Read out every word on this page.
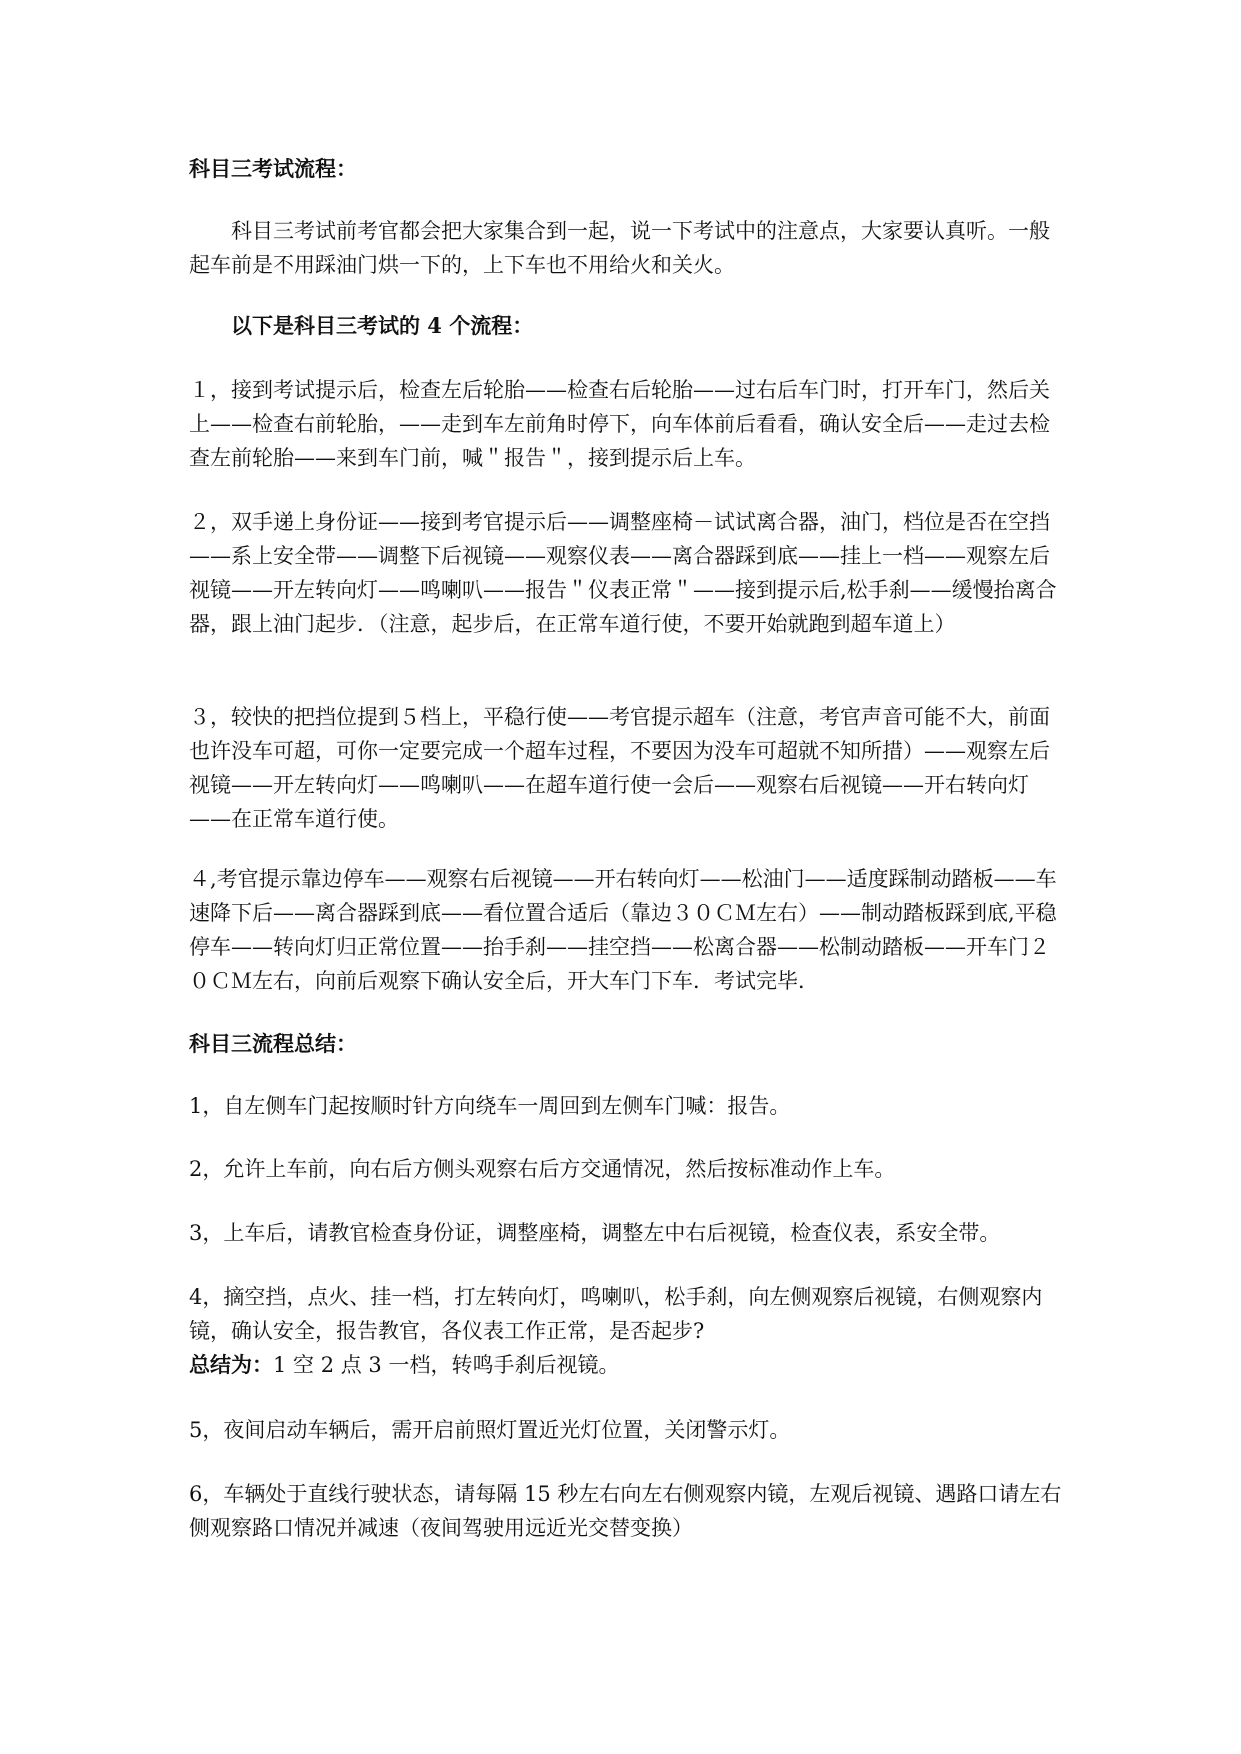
科目三考试流程：

科目三考试前考官都会把大家集合到一起，说一下考试中的注意点，大家要认真听。一般起车前是不用踩油门烘一下的，上下车也不用给火和关火。

以下是科目三考试的 4 个流程：

１，接到考试提示后，检查左后轮胎——检查右后轮胎——过右后车门时，打开车门，然后关上——检查右前轮胎，——走到车左前角时停下，向车体前后看看，确认安全后——走过去检查左前轮胎——来到车门前，喊＂报告＂，接到提示后上车。

２，双手递上身份证——接到考官提示后——调整座椅－试试离合器，油门，档位是否在空挡——系上安全带——调整下后视镜——观察仪表——离合器踩到底——挂上一档——观察左后视镜——开左转向灯——鸣喇叭——报告＂仪表正常＂——接到提示后,松手刹——缓慢抬离合器，跟上油门起步．（注意，起步后，在正常车道行使，不要开始就跑到超车道上）

３，较快的把挡位提到５档上，平稳行使——考官提示超车（注意，考官声音可能不大，前面也许没车可超，可你一定要完成一个超车过程，不要因为没车可超就不知所措）——观察左后视镜——开左转向灯——鸣喇叭——在超车道行使一会后——观察右后视镜——开右转向灯——在正常车道行使。

４,考官提示靠边停车——观察右后视镜——开右转向灯——松油门——适度踩制动踏板——车速降下后——离合器踩到底——看位置合适后（靠边３０ＣＭ左右）——制动踏板踩到底,平稳停车——转向灯归正常位置——抬手刹——挂空挡——松离合器——松制动踏板——开车门２０ＣＭ左右，向前后观察下确认安全后，开大车门下车．考试完毕．

科目三流程总结：

1，自左侧车门起按顺时针方向绕车一周回到左侧车门喊：报告。

2，允许上车前，向右后方侧头观察右后方交通情况，然后按标准动作上车。

3，上车后，请教官检查身份证，调整座椅，调整左中右后视镜，检查仪表，系安全带。

4，摘空挡，点火、挂一档，打左转向灯，鸣喇叭，松手刹，向左侧观察后视镜，右侧观察内镜，确认安全，报告教官，各仪表工作正常，是否起步?

总结为：1 空 2 点 3 一档，转鸣手刹后视镜。

5，夜间启动车辆后，需开启前照灯置近光灯位置，关闭警示灯。

6，车辆处于直线行驶状态，请每隔 15 秒左右向左右侧观察内镜，左观后视镜、遇路口请左右侧观察路口情况并减速（夜间驾驶用远近光交替变换）
